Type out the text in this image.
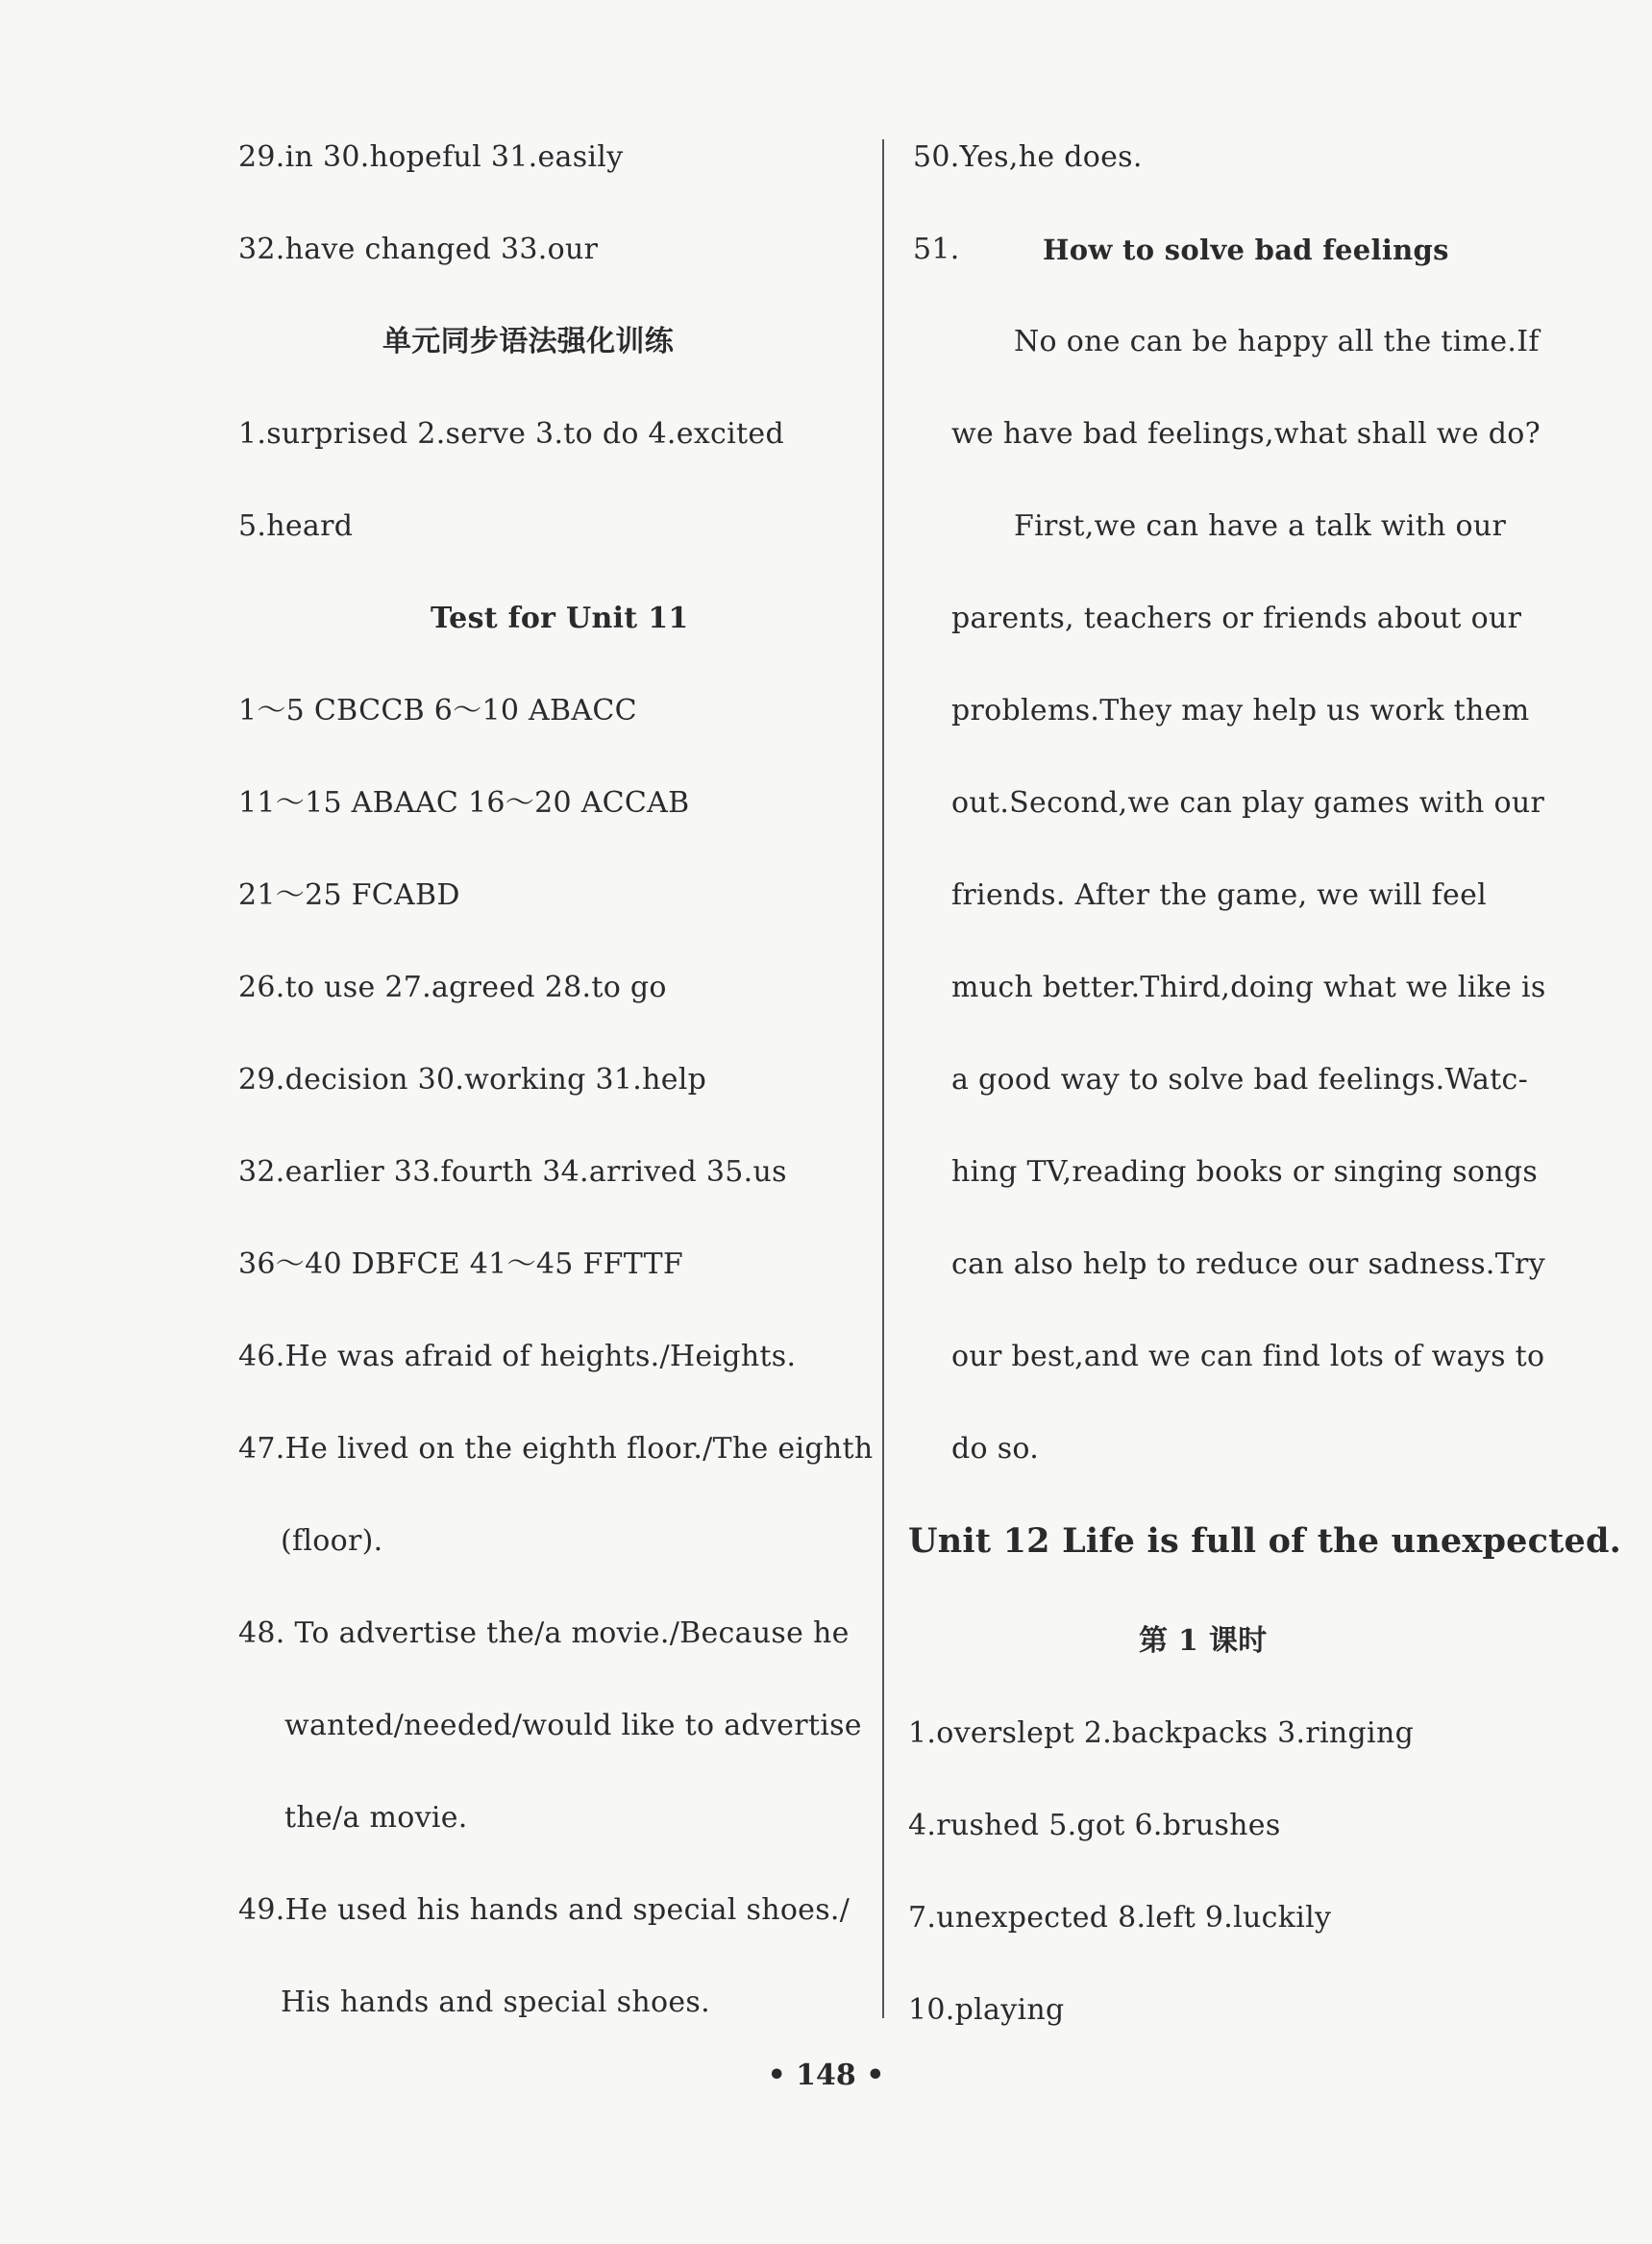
29.in 30.hopeful 31.easily
32.have changed 33.our
单元同步语法强化训练
1.surprised 2.serve 3.to do 4.excited
5.heard
Test for Unit 11
1～5 CBCCB 6～10 ABACC
11～15 ABAAC 16～20 ACCAB
21～25 FCABD
26.to use 27.agreed 28.to go
29.decision 30.working 31.help
32.earlier 33.fourth 34.arrived 35.us
36～40 DBFCE 41～45 FFTTF
46.He was afraid of heights./Heights.
47.He lived on the eighth floor./The eighth
(floor).
48. To advertise the/a movie./Because he
wanted/needed/would like to advertise
the/a movie.
49.He used his hands and special shoes./
His hands and special shoes.
50.Yes,he does.
51.	How to solve bad feelings
No one can be happy all the time.If
we have bad feelings,what shall we do?
First,we can have a talk with our
parents, teachers or friends about our
problems.They may help us work them
out.Second,we can play games with our
friends. After the game, we will feel
much better.Third,doing what we like is
a good way to solve bad feelings.Watc-
hing TV,reading books or singing songs
can also help to reduce our sadness.Try
our best,and we can find lots of ways to
do so.
Unit 12 Life is full of the unexpected.
第 1 课时
1.overslept 2.backpacks 3.ringing
4.rushed 5.got 6.brushes
7.unexpected 8.left 9.luckily
10.playing
• 148 •
